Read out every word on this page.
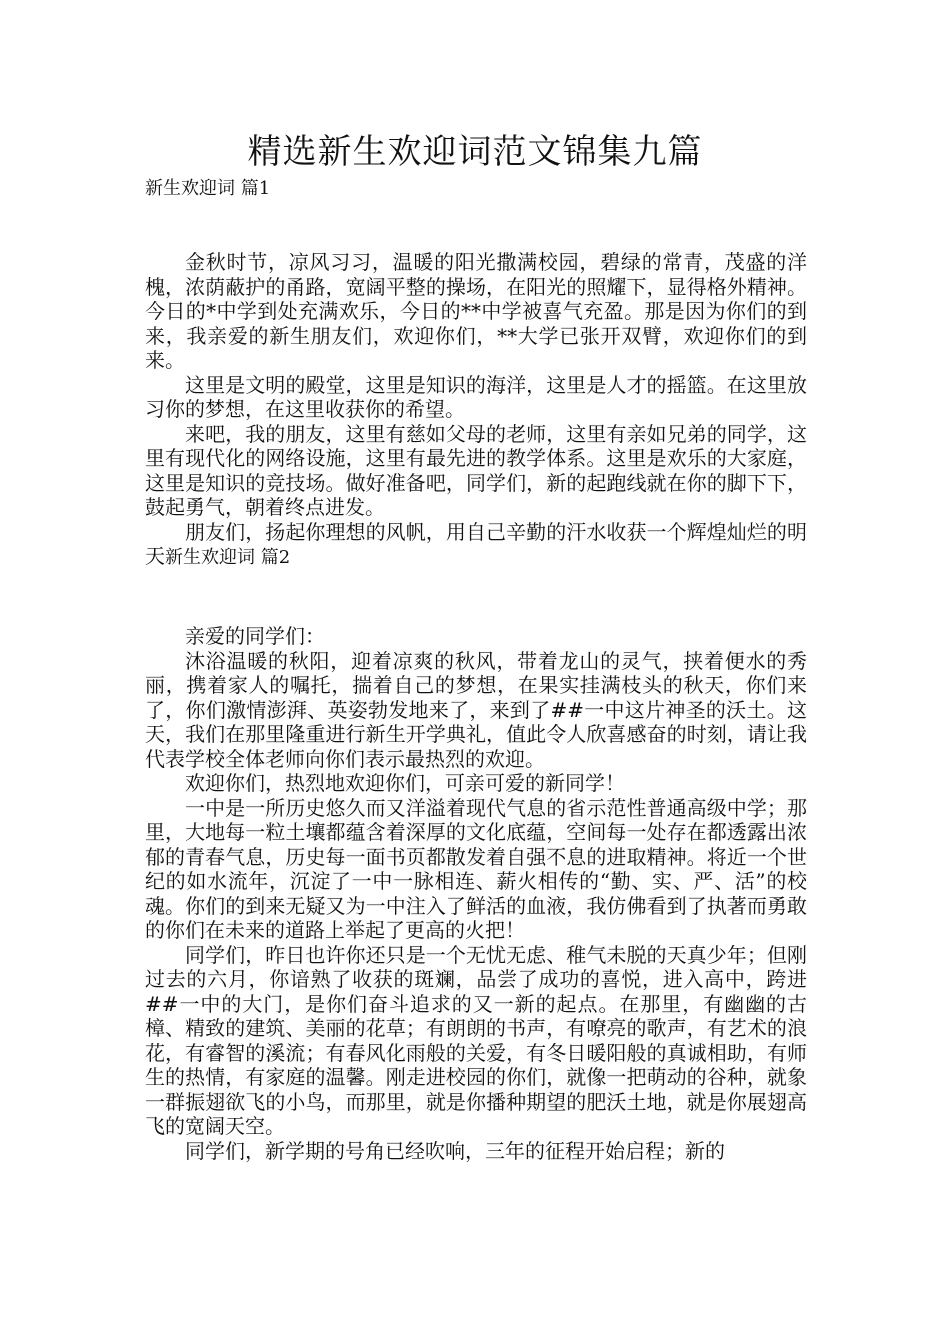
精选新生欢迎词范文锦集九篇
新生欢迎词 篇1

金秋时节，凉风习习，温暖的阳光撒满校园，碧绿的常青，茂盛的洋槐，浓荫蔽护的甬路，宽阔平整的操场，在阳光的照耀下，显得格外精神。今日的*中学到处充满欢乐，今日的**中学被喜气充盈。那是因为你们的到来，我亲爱的新生朋友们，欢迎你们，**大学已张开双臂，欢迎你们的到来。

这里是文明的殿堂，这里是知识的海洋，这里是人才的摇篮。在这里放习你的梦想，在这里收获你的希望。

来吧，我的朋友，这里有慈如父母的老师，这里有亲如兄弟的同学，这里有现代化的网络设施，这里有最先进的教学体系。这里是欢乐的大家庭，这里是知识的竞技场。做好准备吧，同学们，新的起跑线就在你的脚下下，鼓起勇气，朝着终点进发。

朋友们，扬起你理想的风帆，用自己辛勤的汗水收获一个辉煌灿烂的明天新生欢迎词 篇2

亲爱的同学们：

沐浴温暖的秋阳，迎着凉爽的秋风，带着龙山的灵气，挟着便水的秀丽，携着家人的嘱托，揣着自己的梦想，在果实挂满枝头的秋天，你们来了，你们激情澎湃、英姿勃发地来了，来到了##一中这片神圣的沃土。这天，我们在那里隆重进行新生开学典礼，值此令人欣喜感奋的时刻，请让我代表学校全体老师向你们表示最热烈的欢迎。

欢迎你们，热烈地欢迎你们，可亲可爱的新同学！

一中是一所历史悠久而又洋溢着现代气息的省示范性普通高级中学；那里，大地每一粒土壤都蕴含着深厚的文化底蕴，空间每一处存在都透露出浓郁的青春气息，历史每一面书页都散发着自强不息的进取精神。将近一个世纪的如水流年，沉淀了一中一脉相连、薪火相传的“勤、实、严、活”的校魂。你们的到来无疑又为一中注入了鲜活的血液，我仿佛看到了执著而勇敢的你们在未来的道路上举起了更高的火把！

同学们，昨日也许你还只是一个无忧无虑、稚气未脱的天真少年；但刚过去的六月，你谙熟了收获的斑斓，品尝了成功的喜悦，进入高中，跨进##一中的大门，是你们奋斗追求的又一新的起点。在那里，有幽幽的古樟、精致的建筑、美丽的花草；有朗朗的书声，有嘹亮的歌声，有艺术的浪花，有睿智的溪流；有春风化雨般的关爱，有冬日暖阳般的真诚相助，有师生的热情，有家庭的温馨。刚走进校园的你们，就像一把萌动的谷种，就象一群振翅欲飞的小鸟，而那里，就是你播种期望的肥沃土地，就是你展翅高飞的宽阔天空。

同学们，新学期的号角已经吹响，三年的征程开始启程；新的
